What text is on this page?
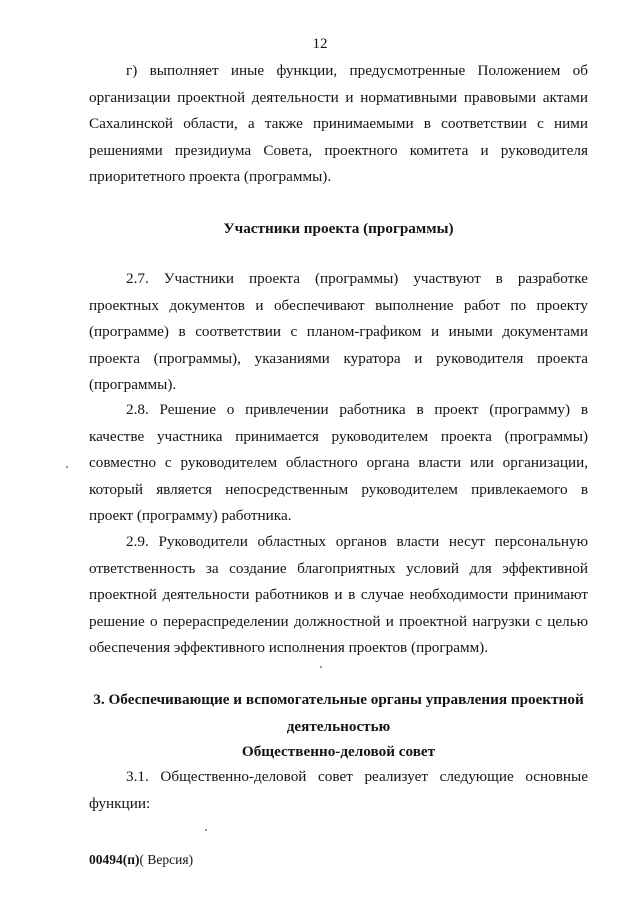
12

г) выполняет иные функции, предусмотренные Положением об организации проектной деятельности и нормативными правовыми актами Сахалинской области, а также принимаемыми в соответствии с ними решениями президиума Совета, проектного комитета и руководителя приоритетного проекта (программы).

Участники проекта (программы)

2.7. Участники проекта (программы) участвуют в разработке проектных документов и обеспечивают выполнение работ по проекту (программе) в соответствии с планом-графиком и иными документами проекта (программы), указаниями куратора и руководителя проекта (программы).

2.8. Решение о привлечении работника в проект (программу) в качестве участника принимается руководителем проекта (программы) совместно с руководителем областного органа власти или организации, который является непосредственным руководителем привлекаемого в проект (программу) работника.

2.9. Руководители областных органов власти несут персональную ответственность за создание благоприятных условий для эффективной проектной деятельности работников и в случае необходимости принимают решение о перераспределении должностной и проектной нагрузки с целью обеспечения эффективного исполнения проектов (программ).

3. Обеспечивающие и вспомогательные органы управления проектной деятельностью

Общественно-деловой совет

3.1. Общественно-деловой совет реализует следующие основные функции:

00494(п)( Версия)
